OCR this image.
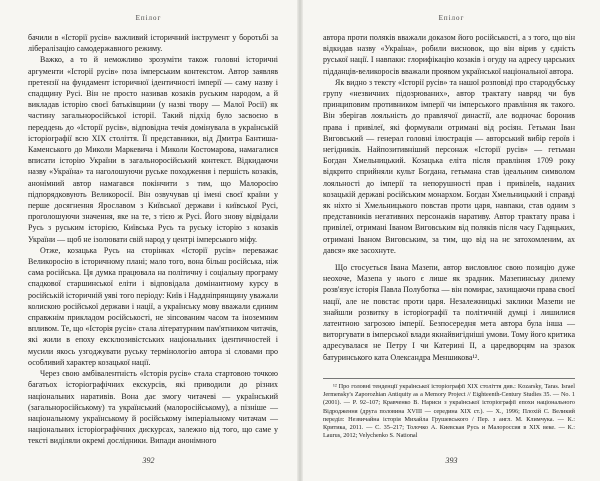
Епілог

бачили в «Історії русів» важливий історичний інструмент у боротьбі за лібералізацію самодержавного режиму.

Важко, а то й неможливо зрозуміти також головні історичні аргументи «Історії русів» поза імперським контекстом. Автор заявляв претензії на фундамент історичної ідентичності імперії — саму назву і спадщину Русі. Він не просто називав козаків руським народом, а й викладав історію своєї батьківщини (у назві твору — Малої Росії) як частину загальноросійської історії. Такий підхід було засвоєно в переддень до «Історії русів», відповідна течія домінувала в українській історіографії всю XIX століття. Її представники, від Дмитра Бантиша-Каменського до Миколи Маркевича і Миколи Костомарова, намагалися вписати історію України в загальноросійський контекст. Відкидаючи назву «Україна» та наголошуючи руське походження і першість козаків, анонімний автор намагався покінчити з тим, що Малоросію підпорядковують Великоросії. Він озвучував ці імені своєї країни у перше досягнення Ярославом з Київської держави і київської Русі, проголошуючи значення, яке на те, з тією ж Русі. Його знову відвідали Русь з руським історією, Київська Русь та руську історію з козаків України — щоб не ізолювати свій народ у центрі імперського міфу.

Отже, козацька Русь на сторінках «Історії русів» переважає Великоросію в історичному плані; мало того, вона більш російська, ніж сама російська. Ця думка працювала на політичну і соціальну програму спадкової старшинської еліти і відповідала домінантному курсу в російській історичній уяві того періоду: Київ і Наддніпрянщину уважали колискою російської держави і нації, а українську мову вважали єдиним справжнім прикладом російськості, не зіпсованим часом та іноземним впливом. Те, що «Історія русів» стала літературним пам'ятником читачів, які жили в епоху ексклюзивістських національних ідентичностей і мусили якось узгоджувати руську термінологію автора зі словами про особливий характер козацької нації.

Через свою амбівалентність «Історія русів» стала стартовою точкою багатьох історіографічних екскурсів, які приводили до різних національних наративів. Вона дає змогу читачеві — український (загальноросійському) та український (малоросійському), а пізніше — національному українському й російському імперіальному читачам — національних історіографічних дискурсах, залежно від того, що саме у тексті виділяли окремі дослідники. Випади анонімного

392
Епілог

автора проти поляків вважали доказом його російськості, а з того, що він відкидав назву «Україна», робили висновок, що він вірив у єдність руської нації. І навпаки: глорифікацію козаків і огуду на адресу царських підданців-великоросів вважали проявом української національної автора.

Як видно з тексту «Історії русів» та нашої розповіді про стародубську групу «незвичних підозрюваних», автор трактату навряд чи був принциповим противником імперії чи імперського правління як такого. Він зберігав лояльність до правлячої династії, але водночас боронив права і привілеї, які формували отримані від росіян. Гетьман Іван Виговський — генерал головні ілюстрація — авторський вибір героїв і негідників. Найпозитивніший персонаж «Історії русів» — гетьман Богдан Хмельницький. Козацька еліта після правління 1709 року відкрито сприйняли культ Богдана, гетьмана став ідеальним символом лояльності до імперії та непорушності прав і привілеїв, наданих козацькій державі російським монархом. Богдан Хмельницький і справді як ніхто зі Хмельницького повстав проти царя, навпаки, став одним з представників негативних персонажів наративу. Автор трактату права і привілеї, отримані Іваном Виговським від поляків після часу Гадяцьких, отримані Іваном Виговським, за тим, що від на нє затохомленим, ах дався» яке засохнуте.

Що стосується Івана Мазепи, автор висловлює свою позицію дуже неохоче, Мазепа у нього є лише як зрадник. Мазепинську дилему розв'язує історія Павла Полуботка — він помирає, захищаючи права своєї нації, але не повстає проти царя. Незалежницькі заклики Мазепи не знайшли розвитку в історіографії та політичній думці і лишилися латентною загрозою імперії. Безпосередня мета автора була інша — виторгувати в імперської влади якнайвигідніші умови. Тому його критика адресувалася не Петру I чи Катерині II, а царедворцям на зразок батуринського ката Олександра Меншикова¹².

¹² Про головні тенденції української історіографії XIX століття див.: Kozarsky, Taras. Israel Jermensky's Zaporozhian Antiquity as a Memory Project // Eighteenth-Century Studies 35. — No. 1 (2001). — P. 92–107; Кравченко В. Нариси з української історіографії епохи національного Відродження (друга половина XVIII — середина XIX ст.). — Х., 1996; Плохій С. Великий переділ: Незвичайна історія Михайла Грушевського / Пер. з англ. М. Климчука. — К.: Критика, 2011. — С. 35–217; Толочко А. Киевская Русь и Малороссия в XIX веке. — К.: Laurus, 2012; Velychenko S. National

393
